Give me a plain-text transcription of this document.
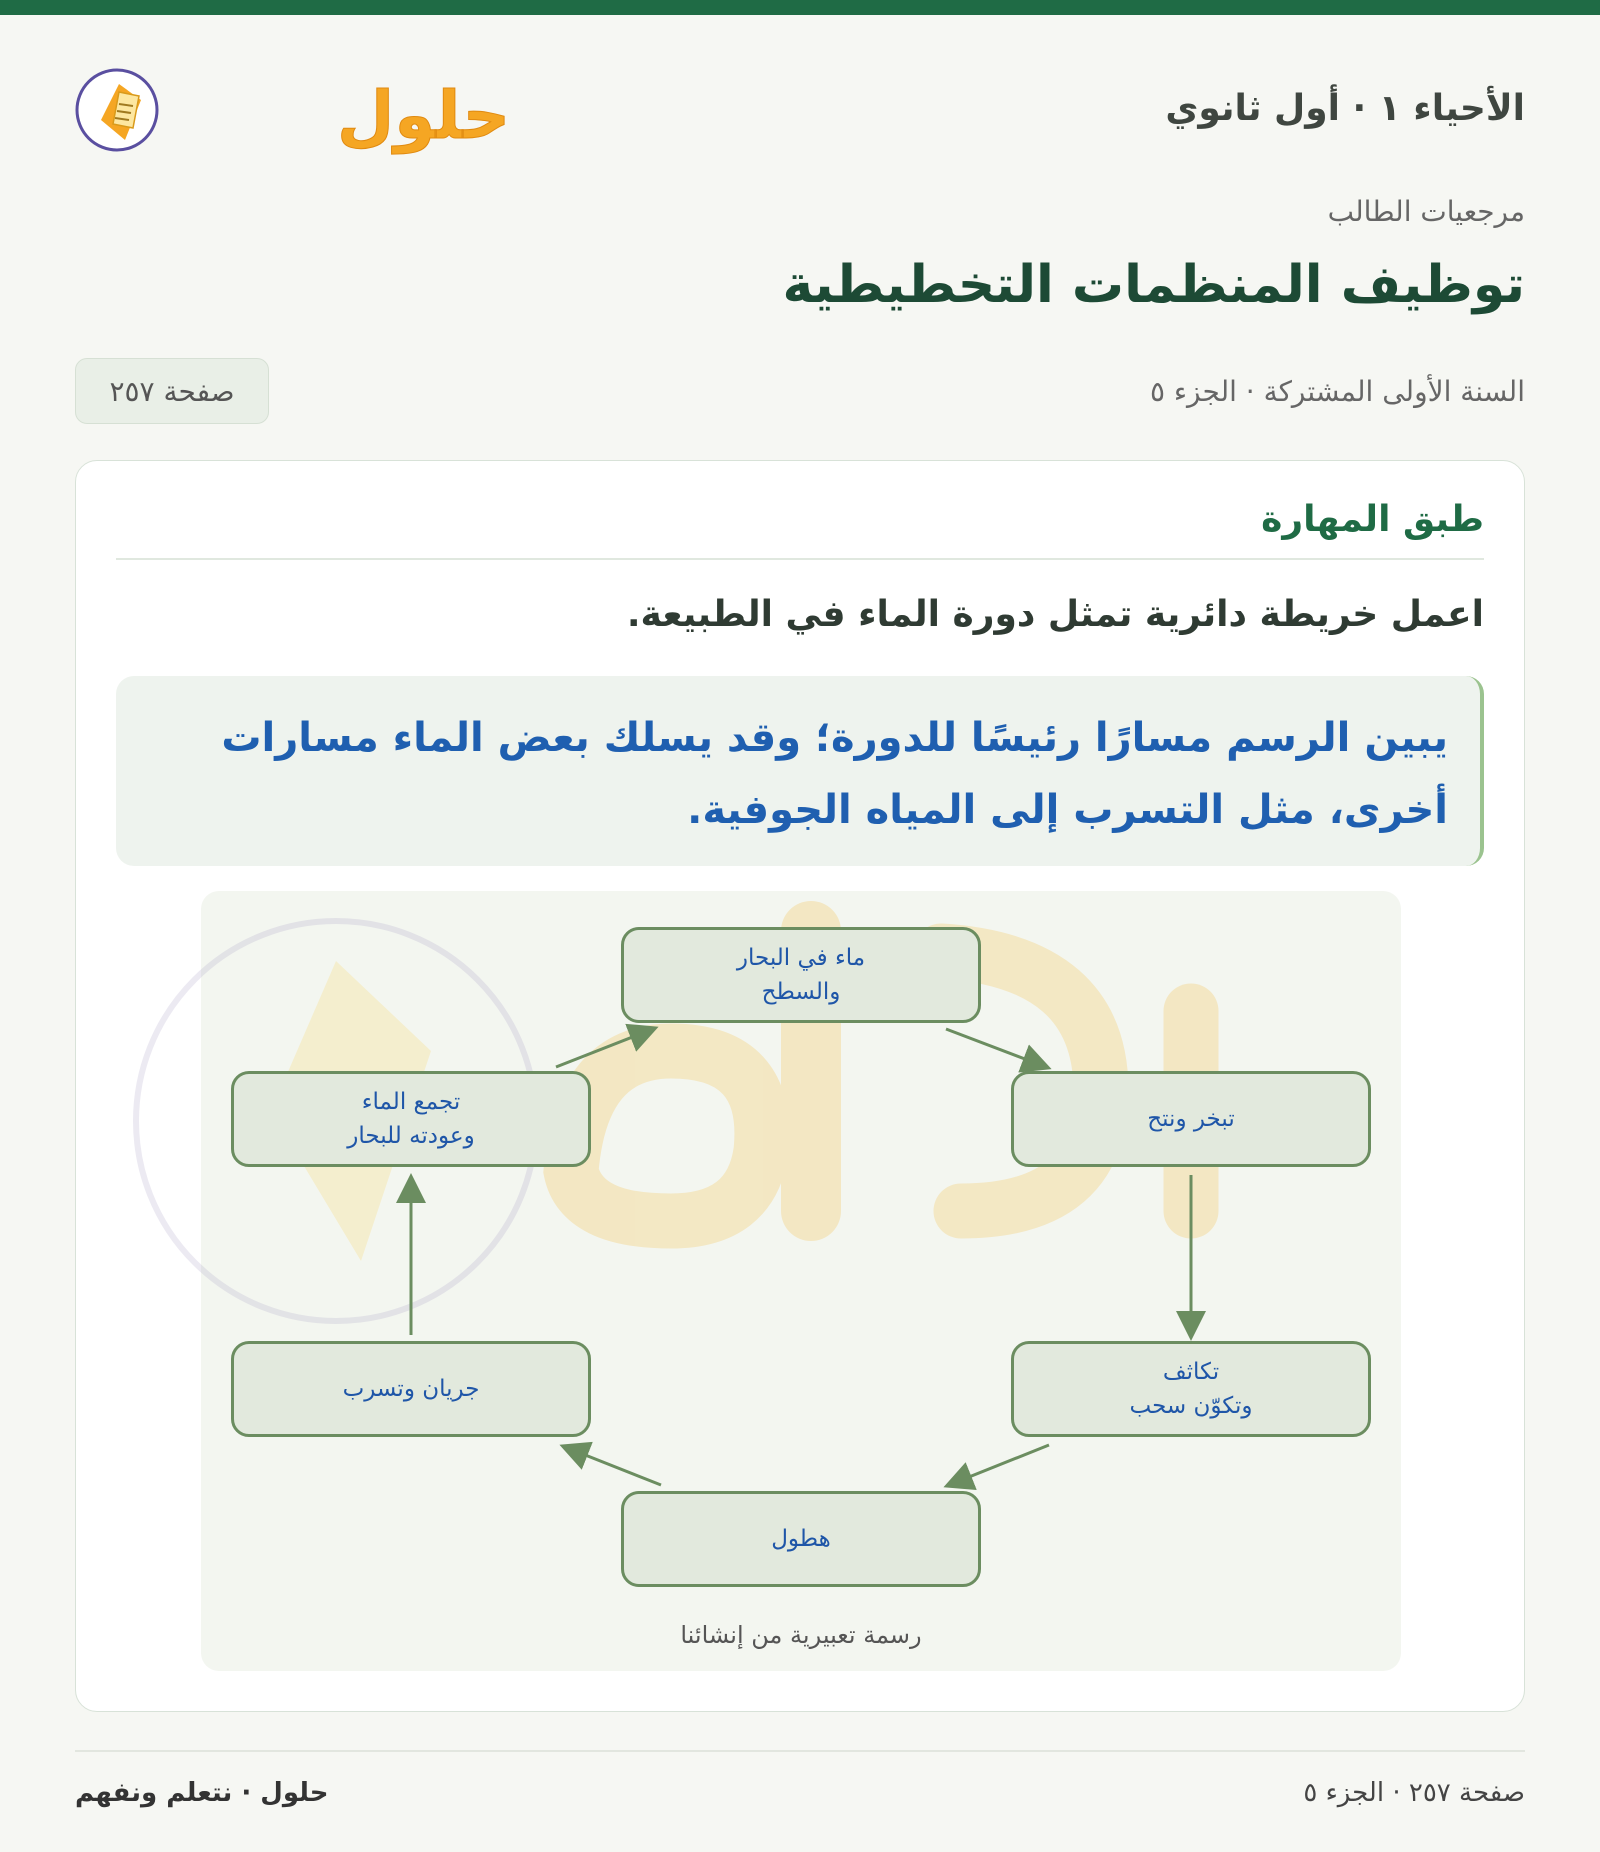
الأحياء ١ · أول ثانوي
حلول
مرجعيات الطالب
توظيف المنظمات التخطيطية
السنة الأولى المشتركة · الجزء ٥
صفحة ٢٥٧
طبق المهارة
اعمل خريطة دائرية تمثل دورة الماء في الطبيعة.
يبين الرسم مسارًا رئيسًا للدورة؛ وقد يسلك بعض الماء مسارات أخرى، مثل التسرب إلى المياه الجوفية.
ماء في البحار
والسطح
تبخر ونتح
تكاثف
وتكوّن سحب
هطول
جريان وتسرب
تجمع الماء
وعودته للبحار
رسمة تعبيرية من إنشائنا
صفحة ٢٥٧ · الجزء ٥
حلول · نتعلم ونفهم
